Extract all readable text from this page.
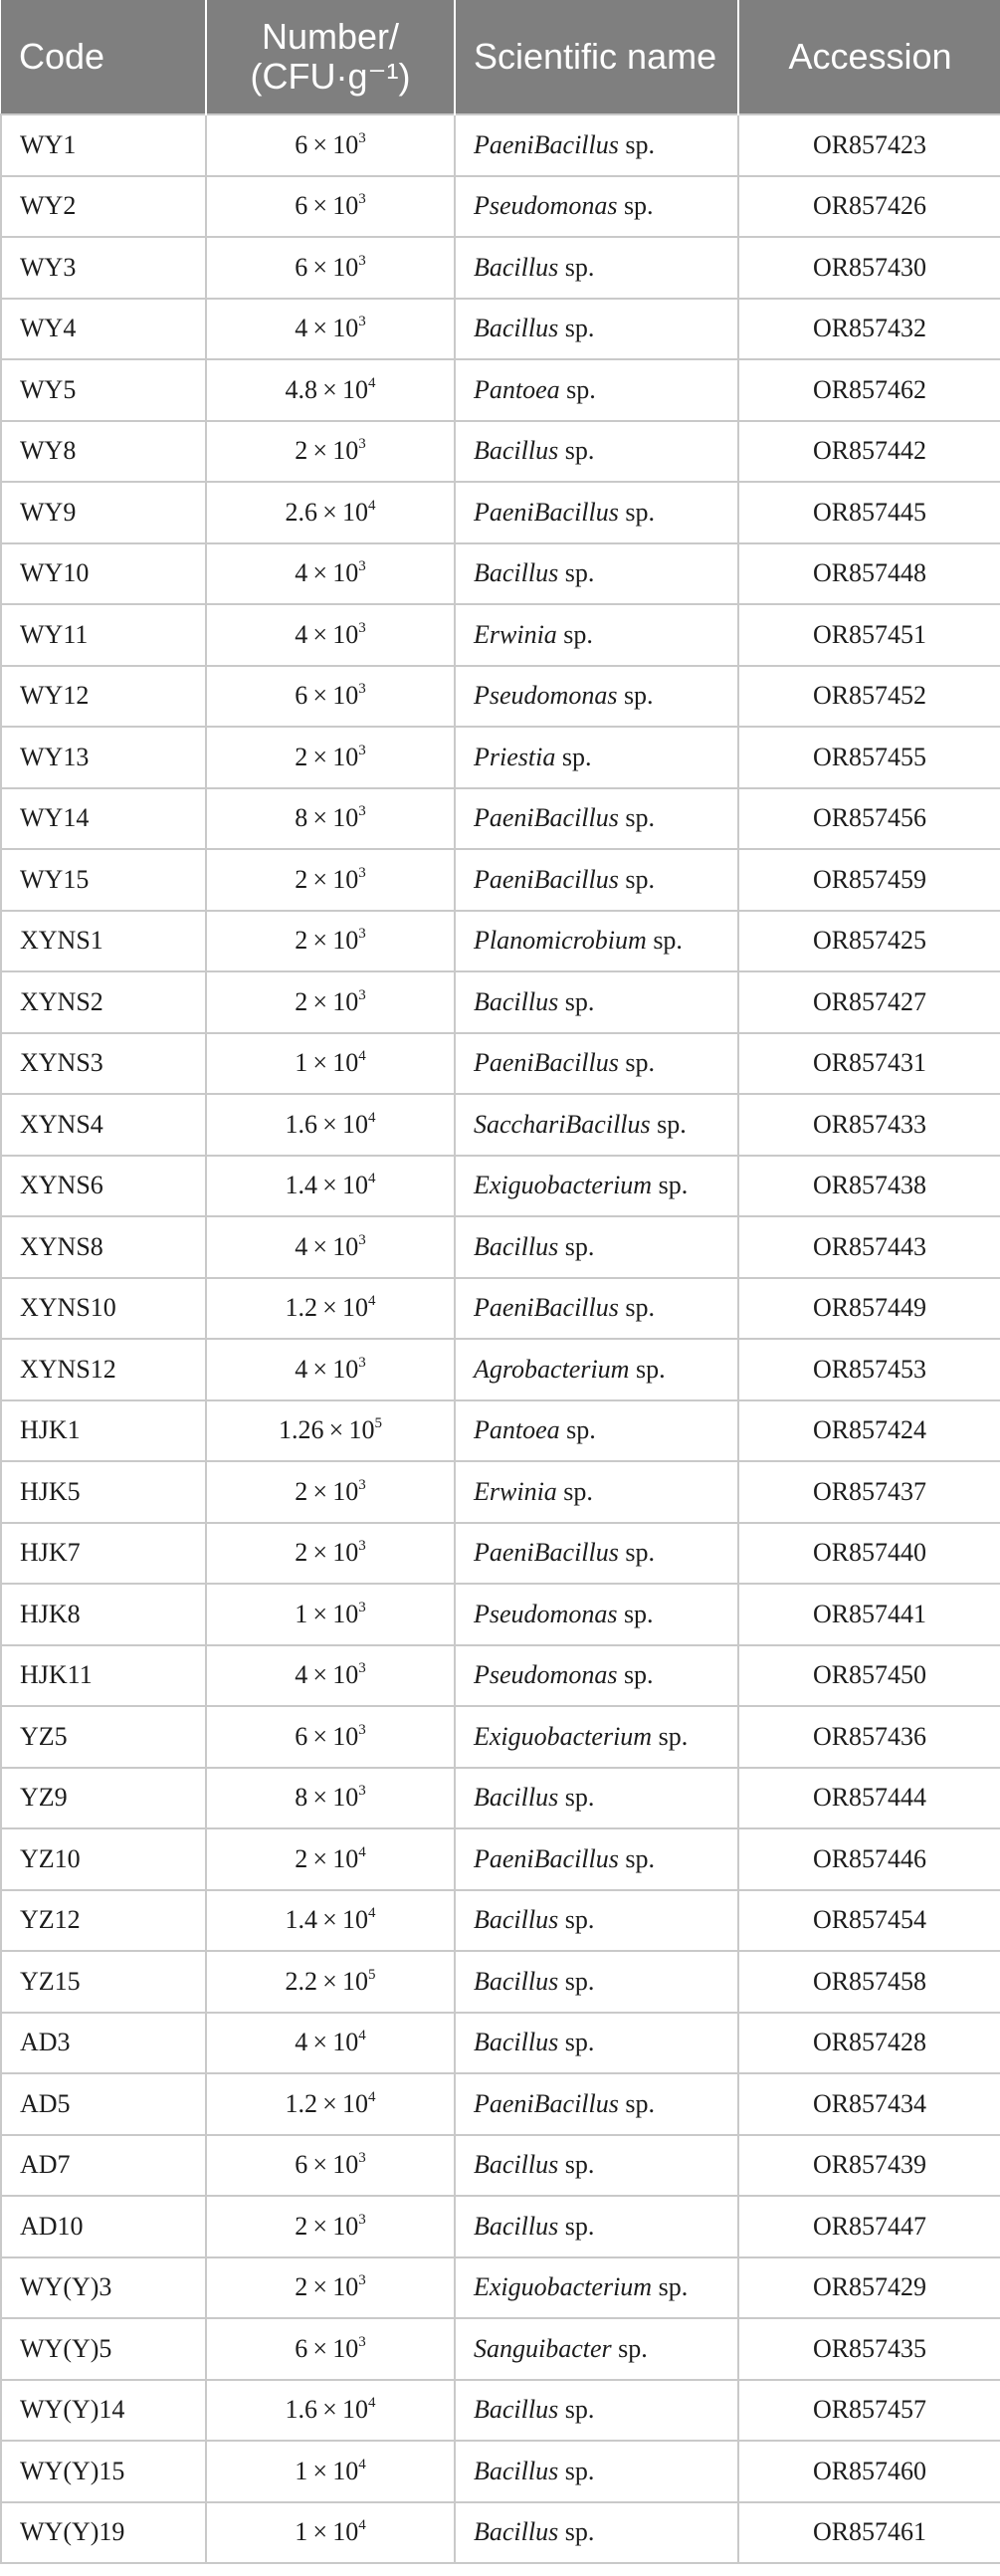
Code	Number/ (CFU·g⁻¹)	Scientific name	Accession
WY1	$6 \times 10^3$	PaeniBacillus sp.	OR857423
WY2	$6 \times 10^3$	Pseudomonas sp.	OR857426
WY3	$6 \times 10^3$	Bacillus sp.	OR857430
WY4	$4 \times 10^3$	Bacillus sp.	OR857432
WY5	$4.8 \times 10^4$	Pantoea sp.	OR857462
WY8	$2 \times 10^3$	Bacillus sp.	OR857442
WY9	$2.6 \times 10^4$	PaeniBacillus sp.	OR857445
WY10	$4 \times 10^3$	Bacillus sp.	OR857448
WY11	$4 \times 10^3$	Erwinia sp.	OR857451
WY12	$6 \times 10^3$	Pseudomonas sp.	OR857452
WY13	$2 \times 10^3$	Priestia sp.	OR857455
WY14	$8 \times 10^3$	PaeniBacillus sp.	OR857456
WY15	$2 \times 10^3$	PaeniBacillus sp.	OR857459
XYNS1	$2 \times 10^3$	Planomicrobium sp.	OR857425
XYNS2	$2 \times 10^3$	Bacillus sp.	OR857427
XYNS3	$1 \times 10^4$	PaeniBacillus sp.	OR857431
XYNS4	$1.6 \times 10^4$	SacchariBacillus sp.	OR857433
XYNS6	$1.4 \times 10^4$	Exiguobacterium sp.	OR857438
XYNS8	$4 \times 10^3$	Bacillus sp.	OR857443
XYNS10	$1.2 \times 10^4$	PaeniBacillus sp.	OR857449
XYNS12	$4 \times 10^3$	Agrobacterium sp.	OR857453
HJK1	$1.26 \times 10^5$	Pantoea sp.	OR857424
HJK5	$2 \times 10^3$	Erwinia sp.	OR857437
HJK7	$2 \times 10^3$	PaeniBacillus sp.	OR857440
HJK8	$1 \times 10^3$	Pseudomonas sp.	OR857441
HJK11	$4 \times 10^3$	Pseudomonas sp.	OR857450
YZ5	$6 \times 10^3$	Exiguobacterium sp.	OR857436
YZ9	$8 \times 10^3$	Bacillus sp.	OR857444
YZ10	$2 \times 10^4$	PaeniBacillus sp.	OR857446
YZ12	$1.4 \times 10^4$	Bacillus sp.	OR857454
YZ15	$2.2 \times 10^5$	Bacillus sp.	OR857458
AD3	$4 \times 10^4$	Bacillus sp.	OR857428
AD5	$1.2 \times 10^4$	PaeniBacillus sp.	OR857434
AD7	$6 \times 10^3$	Bacillus sp.	OR857439
AD10	$2 \times 10^3$	Bacillus sp.	OR857447
WY(Y)3	$2 \times 10^3$	Exiguobacterium sp.	OR857429
WY(Y)5	$6 \times 10^3$	Sanguibacter sp.	OR857435
WY(Y)14	$1.6 \times 10^4$	Bacillus sp.	OR857457
WY(Y)15	$1 \times 10^4$	Bacillus sp.	OR857460
WY(Y)19	$1 \times 10^4$	Bacillus sp.	OR857461
